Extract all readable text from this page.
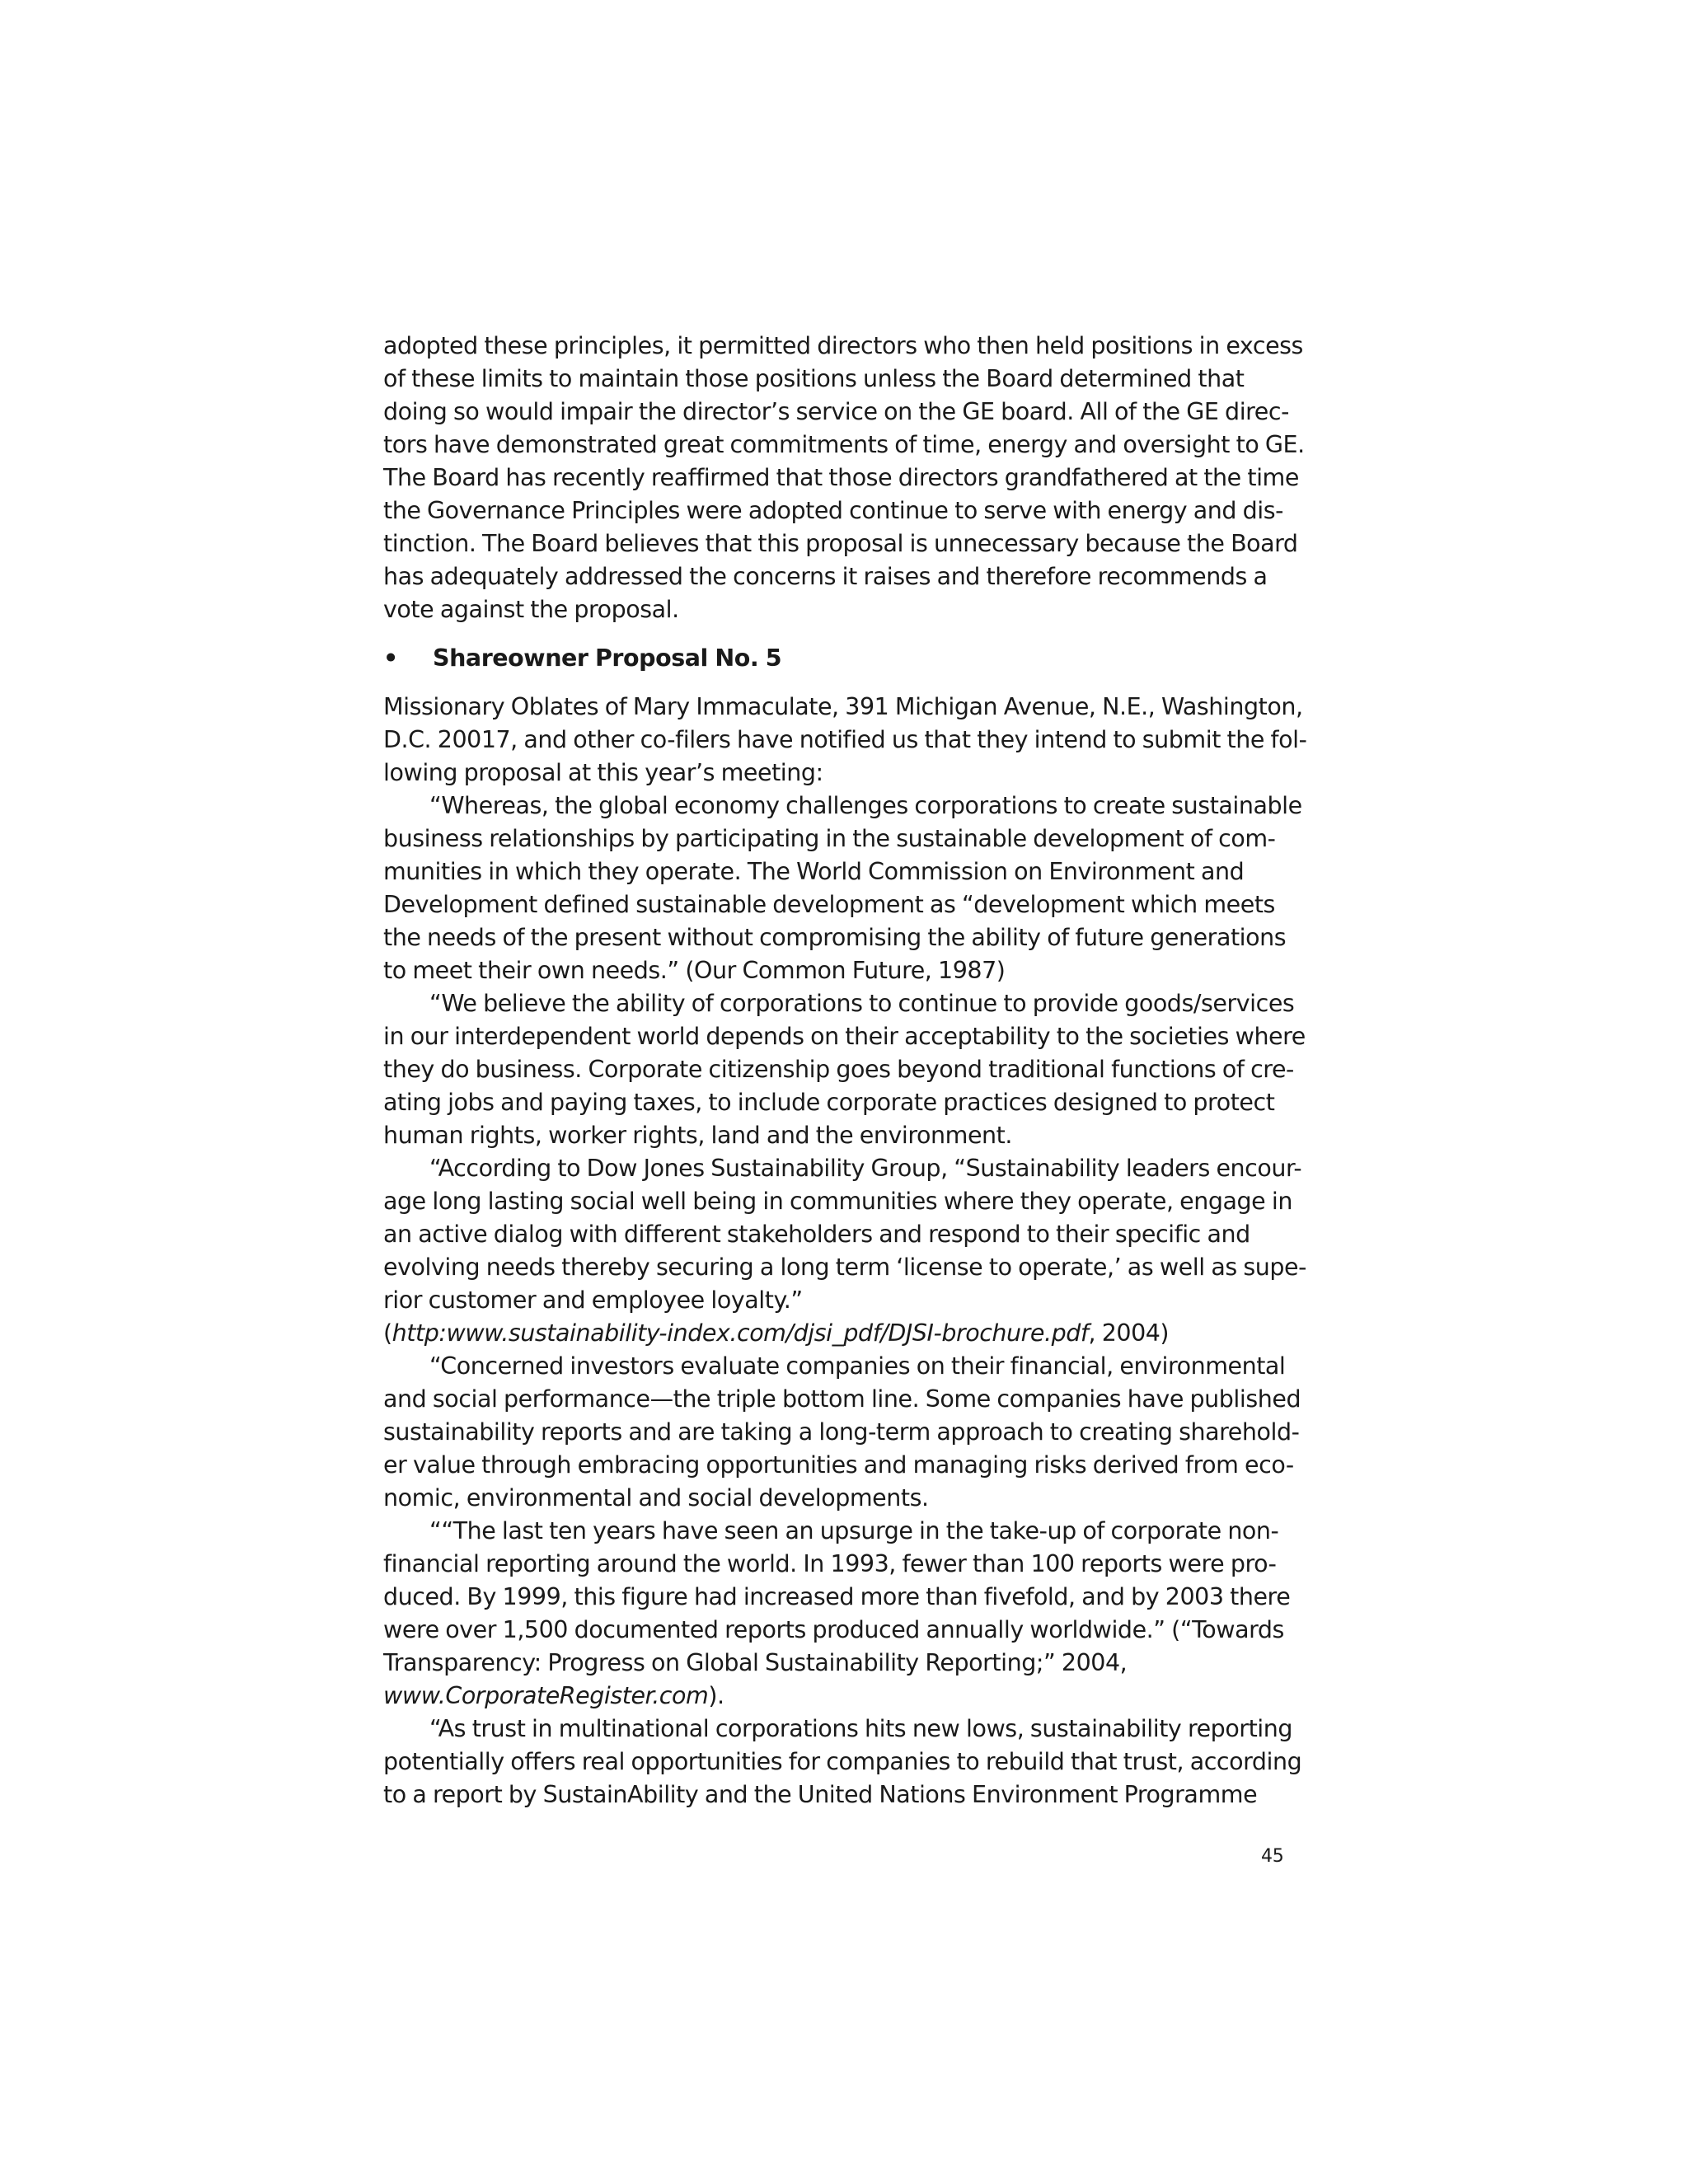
adopted these principles, it permitted directors who then held positions in excess
of these limits to maintain those positions unless the Board determined that
doing so would impair the director’s service on the GE board. All of the GE direc-
tors have demonstrated great commitments of time, energy and oversight to GE.
The Board has recently reaffirmed that those directors grandfathered at the time
the Governance Principles were adopted continue to serve with energy and dis-
tinction. The Board believes that this proposal is unnecessary because the Board
has adequately addressed the concerns it raises and therefore recommends a
vote against the proposal.

• Shareowner Proposal No. 5

Missionary Oblates of Mary Immaculate, 391 Michigan Avenue, N.E., Washington,
D.C. 20017, and other co-filers have notified us that they intend to submit the fol-
lowing proposal at this year’s meeting:

“Whereas, the global economy challenges corporations to create sustainable
business relationships by participating in the sustainable development of com-
munities in which they operate. The World Commission on Environment and
Development defined sustainable development as “development which meets
the needs of the present without compromising the ability of future generations
to meet their own needs.” (Our Common Future, 1987)

“We believe the ability of corporations to continue to provide goods/services
in our interdependent world depends on their acceptability to the societies where
they do business. Corporate citizenship goes beyond traditional functions of cre-
ating jobs and paying taxes, to include corporate practices designed to protect
human rights, worker rights, land and the environment.

“According to Dow Jones Sustainability Group, “Sustainability leaders encour-
age long lasting social well being in communities where they operate, engage in
an active dialog with different stakeholders and respond to their specific and
evolving needs thereby securing a long term ‘license to operate,’ as well as supe-
rior customer and employee loyalty.”
(http:www.sustainability-index.com/djsi_pdf/DJSI-brochure.pdf, 2004)

“Concerned investors evaluate companies on their financial, environmental
and social performance—the triple bottom line. Some companies have published
sustainability reports and are taking a long-term approach to creating sharehold-
er value through embracing opportunities and managing risks derived from eco-
nomic, environmental and social developments.

““The last ten years have seen an upsurge in the take-up of corporate non-
financial reporting around the world. In 1993, fewer than 100 reports were pro-
duced. By 1999, this figure had increased more than fivefold, and by 2003 there
were over 1,500 documented reports produced annually worldwide.” (“Towards
Transparency: Progress on Global Sustainability Reporting;” 2004,
www.CorporateRegister.com).

“As trust in multinational corporations hits new lows, sustainability reporting
potentially offers real opportunities for companies to rebuild that trust, according
to a report by SustainAbility and the United Nations Environment Programme

45
